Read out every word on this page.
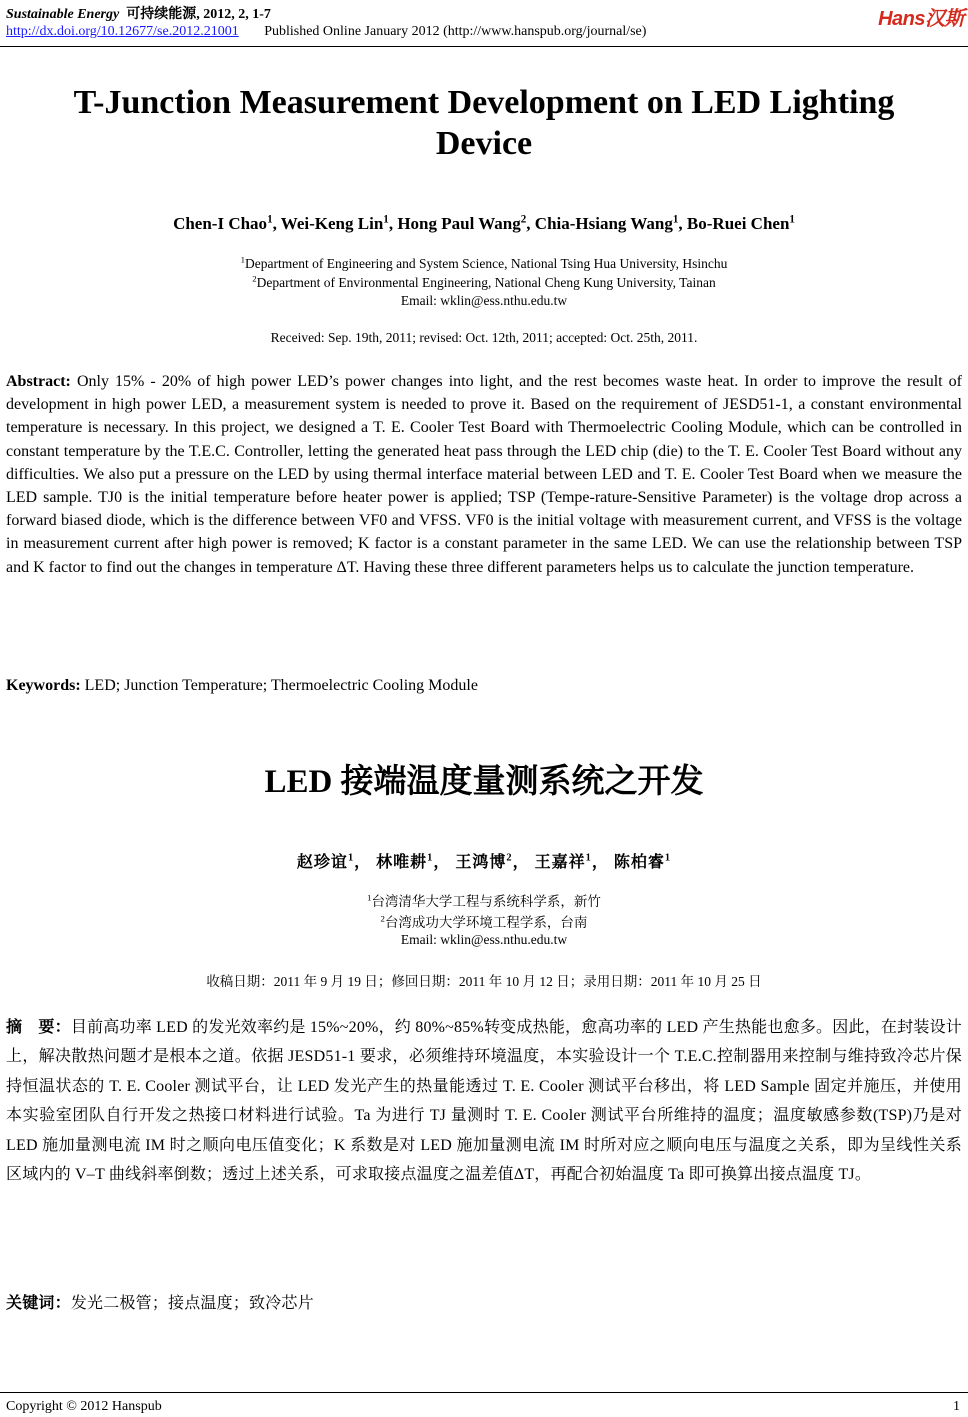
Sustainable Energy 可持续能源, 2012, 2, 1-7
http://dx.doi.org/10.12677/se.2012.21001 Published Online January 2012 (http://www.hanspub.org/journal/se)
Hans汉斯
T-Junction Measurement Development on LED Lighting Device
Chen-I Chao$^1$, Wei-Keng Lin$^1$, Hong Paul Wang$^2$, Chia-Hsiang Wang$^1$, Bo-Ruei Chen$^1$
$^1$Department of Engineering and System Science, National Tsing Hua University, Hsinchu
$^2$Department of Environmental Engineering, National Cheng Kung University, Tainan
Email: wklin@ess.nthu.edu.tw
Received: Sep. 19th, 2011; revised: Oct. 12th, 2011; accepted: Oct. 25th, 2011.
Abstract: Only 15% - 20% of high power LED’s power changes into light, and the rest becomes waste heat. In order to improve the result of development in high power LED, a measurement system is needed to prove it. Based on the requirement of JESD51-1, a constant environmental temperature is necessary. In this project, we designed a T. E. Cooler Test Board with Thermoelectric Cooling Module, which can be controlled in constant temperature by the T.E.C. Controller, letting the generated heat pass through the LED chip (die) to the T. E. Cooler Test Board without any difficulties. We also put a pressure on the LED by using thermal interface material between LED and T. E. Cooler Test Board when we measure the LED sample. TJ0 is the initial temperature before heater power is applied; TSP (Tempe-rature-Sensitive Parameter) is the voltage drop across a forward biased diode, which is the difference between VF0 and VFSS. VF0 is the initial voltage with measurement current, and VFSS is the voltage in measurement current after high power is removed; K factor is a constant parameter in the same LED. We can use the relationship between TSP and K factor to find out the changes in temperature ΔT. Having these three different parameters helps us to calculate the junction temperature.
Keywords: LED; Junction Temperature; Thermoelectric Cooling Module
LED 接端温度量测系统之开发
赵珍谊$^1$， 林唯耕$^1$， 王鸿博$^2$， 王嘉祥$^1$， 陈柏睿$^1$
$^1$台湾清华大学工程与系统科学系，新竹
$^2$台湾成功大学环境工程学系，台南
Email: wklin@ess.nthu.edu.tw
收稿日期：2011 年 9 月 19 日；修回日期：2011 年 10 月 12 日；录用日期：2011 年 10 月 25 日
摘　要：目前高功率 LED 的发光效率约是 15%~20%，约 80%~85%转变成热能，愈高功率的 LED 产生热能也愈多。因此，在封装设计上，解决散热问题才是根本之道。依据 JESD51-1 要求，必须维持环境温度，本实验设计一个 T.E.C.控制器用来控制与维持致冷芯片保持恒温状态的 T. E. Cooler 测试平台，让 LED 发光产生的热量能透过 T. E. Cooler 测试平台移出，将 LED Sample 固定并施压，并使用本实验室团队自行开发之热接口材料进行试验。Ta 为进行 TJ 量测时 T. E. Cooler 测试平台所维持的温度；温度敏感参数(TSP)乃是对 LED 施加量测电流 IM 时之顺向电压值变化；K 系数是对 LED 施加量测电流 IM 时所对应之顺向电压与温度之关系，即为呈线性关系区域内的 V–T 曲线斜率倒数；透过上述关系，可求取接点温度之温差值ΔT，再配合初始温度 Ta 即可换算出接点温度 TJ。
关键词：发光二极管；接点温度；致冷芯片
Copyright © 2012 Hanspub	1
